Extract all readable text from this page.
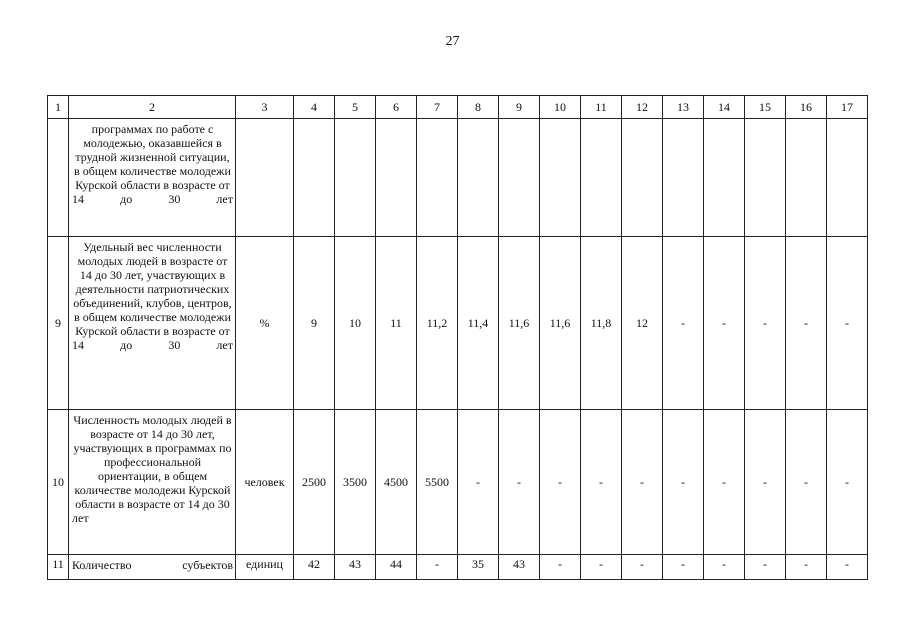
27
1	2	3	4	5	6	7	8	9	10	11	12	13	14	15	16	17

	программах по работе с молодежью, оказавшейся в трудной жизненной ситуации, в общем количестве молодежи Курской области в возрасте от 14 до 30 лет															

9	Удельный вес численности молодых людей в возрасте от 14 до 30 лет, участвующих в деятельности патриотических объединений, клубов, центров, в общем количестве молодежи Курской области в возрасте от 14 до 30 лет	%	9	10	11	11,2	11,4	11,6	11,6	11,8	12	-	-	-	-	-
10	Численность молодых людей в возрасте от 14 до 30 лет, участвующих в программах по профессиональной ориентации, в общем количестве молодежи Курской области в возрасте от 14 до 30 лет	человек	2500	3500	4500	5500	-	-	-	-	-	-	-	-	-	-
11	Количество субъектов	единиц	42	43	44	-	35	43	-	-	-	-	-	-	-	-
